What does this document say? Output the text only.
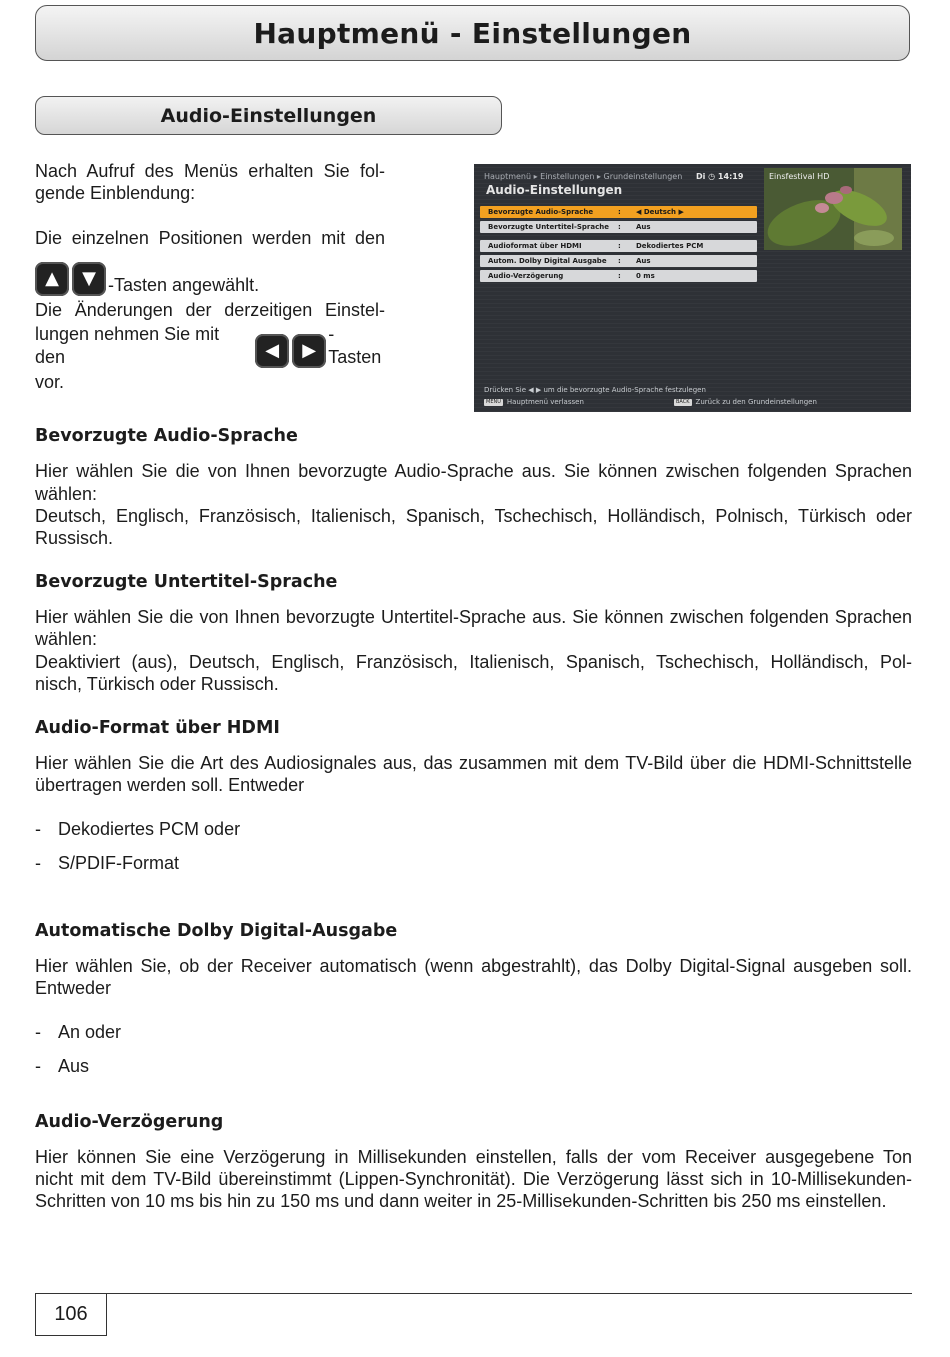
Hauptmenü - Einstellungen
Audio-Einstellungen
Nach Aufruf des Menüs erhalten Sie fol-
gende Einblendung:
Die einzelnen Positionen werden mit den
▲ ▼ -Tasten angewählt.
Die Änderungen der derzeitigen Einstel-
lungen nehmen Sie mit den	◀ ▶
-Tasten
vor.
Hauptmenü ▸ Einstellungen ▸ Grundeinstellungen Di ◷ 14:19
Audio-Einstellungen
Bevorzugte Audio-Sprache	: ◀ Deutsch ▶
Bevorzugte Untertitel-Sprache : Aus
Audioformat über HDMI	: Dekodiertes PCM
Autom. Dolby Digital Ausgabe : Aus
Audio-Verzögerung	: 0 ms
Einsfestival HD
Drücken Sie ◀ ▶ um die bevorzugte Audio-Sprache festzulegen
MENU Hauptmenü verlassen	BACK Zurück zu den Grundeinstellungen
Bevorzugte Audio-Sprache
Hier wählen Sie die von Ihnen bevorzugte Audio-Sprache aus. Sie können zwischen folgenden Sprachen
wählen:
Deutsch, Englisch, Französisch, Italienisch, Spanisch, Tschechisch, Holländisch, Polnisch, Türkisch oder
Russisch.
Bevorzugte Untertitel-Sprache
Hier wählen Sie die von Ihnen bevorzugte Untertitel-Sprache aus. Sie können zwischen folgenden Sprachen
wählen:
Deaktiviert (aus), Deutsch, Englisch, Französisch, Italienisch, Spanisch, Tschechisch, Holländisch, Pol-
nisch, Türkisch oder Russisch.
Audio-Format über HDMI
Hier wählen Sie die Art des Audiosignales aus, das zusammen mit dem TV-Bild über die HDMI-Schnittstelle
übertragen werden soll. Entweder
- Dekodiertes PCM oder
- S/PDIF-Format
Automatische Dolby Digital-Ausgabe
Hier wählen Sie, ob der Receiver automatisch (wenn abgestrahlt), das Dolby Digital-Signal ausgeben soll.
Entweder
- An oder
- Aus
Audio-Verzögerung
Hier können Sie eine Verzögerung in Millisekunden einstellen, falls der vom Receiver ausgegebene Ton
nicht mit dem TV-Bild übereinstimmt (Lippen-Synchronität). Die Verzögerung lässt sich in 10-Millisekunden-
Schritten von 10 ms bis hin zu 150 ms und dann weiter in 25-Millisekunden-Schritten bis 250 ms einstellen.
106
